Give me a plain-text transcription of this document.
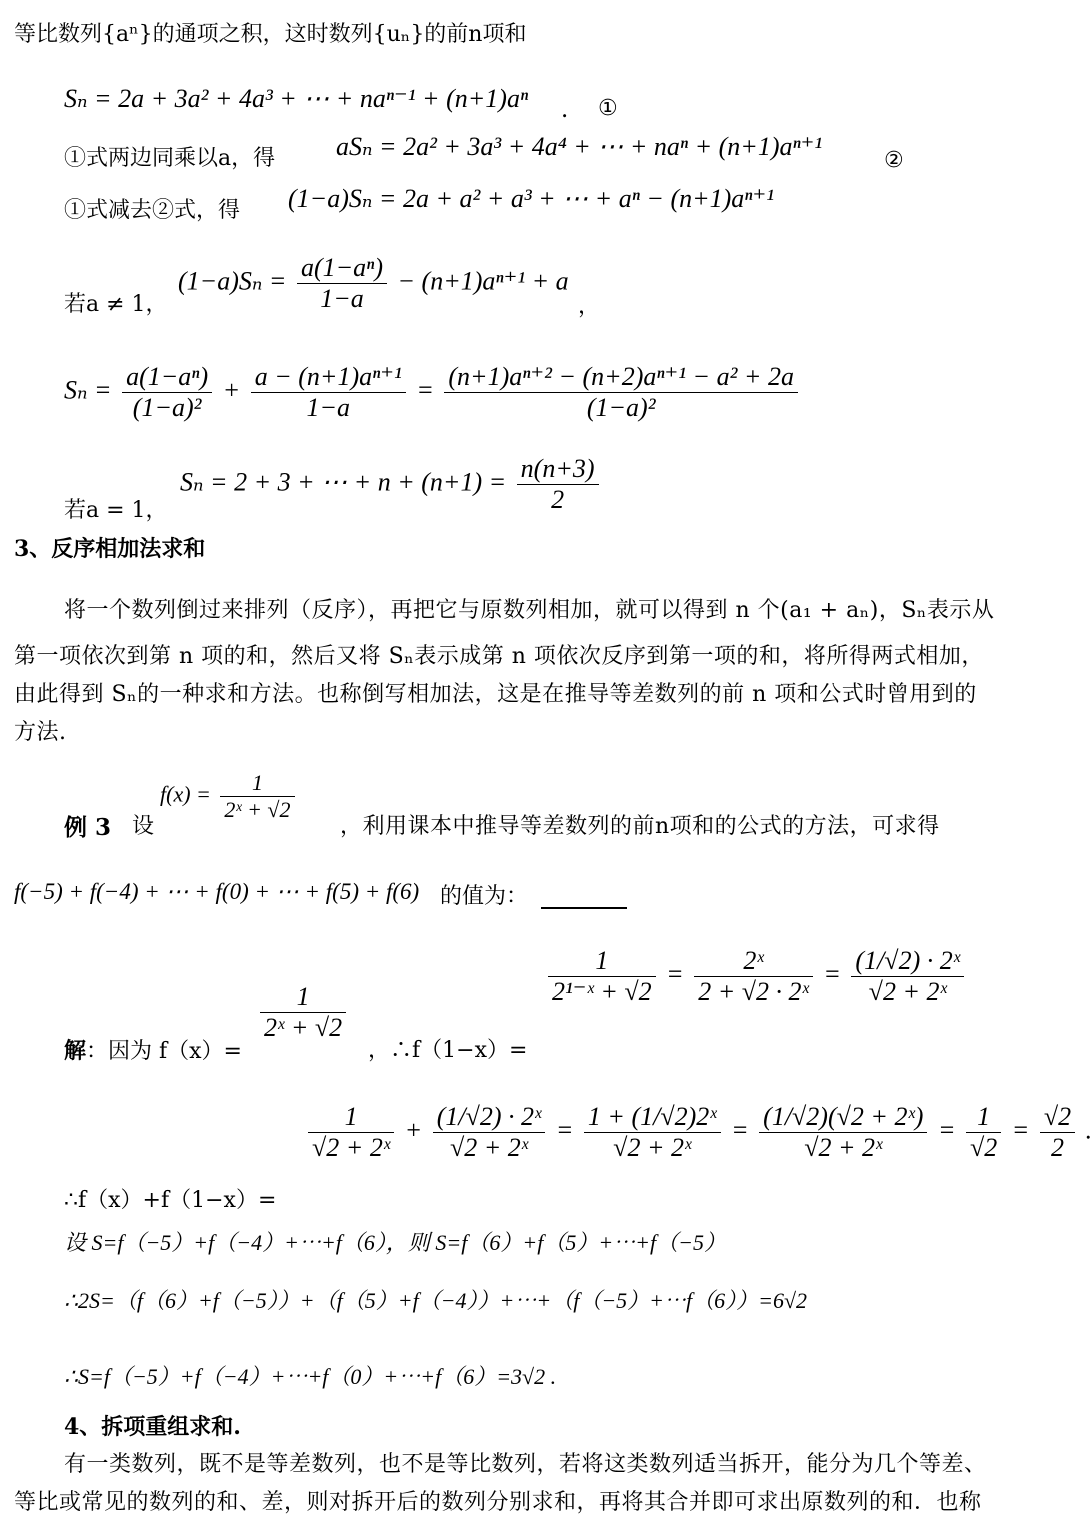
等比数列{aⁿ}的通项之积，这时数列{uₙ}的前n项和
Sₙ = 2a + 3a² + 4a³ + ⋯ + naⁿ⁻¹ + (n+1)aⁿ . ①
①式两边同乘以a，得 aSₙ = 2a² + 3a³ + 4a⁴ + ⋯ + naⁿ + (n+1)aⁿ⁺¹	②
①式减去②式，得 (1−a)Sₙ = 2a + a² + a³ + ⋯ + aⁿ − (n+1)aⁿ⁺¹
若a ≠ 1，
$(1-a)S_n = \frac{\text{a(1−aⁿ)}}{1-a} - (n+1)a^{n+1} + a$
，
$S_n = \frac{\text{a(1−aⁿ)}}{\text{(1−a)²}} + \frac{\text{a − (n+1)aⁿ⁺¹}}{1-a} = \frac{\text{(n+1)aⁿ⁺² − (n+2)aⁿ⁺¹ − a² + 2a}}{\text{(1−a)²}}$
若a = 1，
Sₙ = 2 + 3 + ⋯ + $n + (n+1) = \frac{n(n+3)}{2}$
3、反序相加法求和
将一个数列倒过来排列（反序），再把它与原数列相加，就可以得到 n 个(a₁ + aₙ)，Sₙ表示从
第一项依次到第 n 项的和，然后又将 Sₙ表示成第 n 项依次反序到第一项的和，将所得两式相加，
由此得到 Sₙ的一种求和方法。也称倒写相加法，这是在推导等差数列的前 n 项和公式时曾用到的
方法.
例 3 设
$f(x) = \frac{1}{\text{2ˣ + √2}}$
，利用课本中推导等差数列的前n项和的公式的方法，可求得
f(−5) + f(−4) + ⋯ + f(0) + ⋯ + f(5) + f(6) 的值为：
解：因为 f（x）=
$\frac{1}{\text{2ˣ + √2}}$
，∴f（1−x）=
$\frac{1}{\text{2¹⁻ˣ + √2}} = \frac{\text{2ˣ}}{\text{2 + √2 · 2ˣ}} = \frac{\text{(1/√2) · 2ˣ}}{\text{√2 + 2ˣ}}$
∴f（x）+f（1−x）=
$\frac{1}{\text{√2 + 2ˣ}} + \frac{\text{(1/√2) · 2ˣ}}{\text{√2 + 2ˣ}} = \frac{\text{1 + (1/√2)2ˣ}}{\text{√2 + 2ˣ}} = \frac{\text{(1/√2)(√2 + 2ˣ)}}{\text{√2 + 2ˣ}} = \frac{1}{√2} = \frac{√2}{2}$ .
设 S=f（−5）+f（−4）+⋯+f（6），则 S=f（6）+f（5）+⋯+f（−5）
∴2S=（f（6）+f（−5））+（f（5）+f（−4））+⋯+（f（−5）+⋯f（6））=6√2
∴S=f（−5）+f（−4）+⋯+f（0）+⋯+f（6）=3√2 .
4、拆项重组求和.
有一类数列，既不是等差数列，也不是等比数列，若将这类数列适当拆开，能分为几个等差、
等比或常见的数列的和、差，则对拆开后的数列分别求和，再将其合并即可求出原数列的和．也称
